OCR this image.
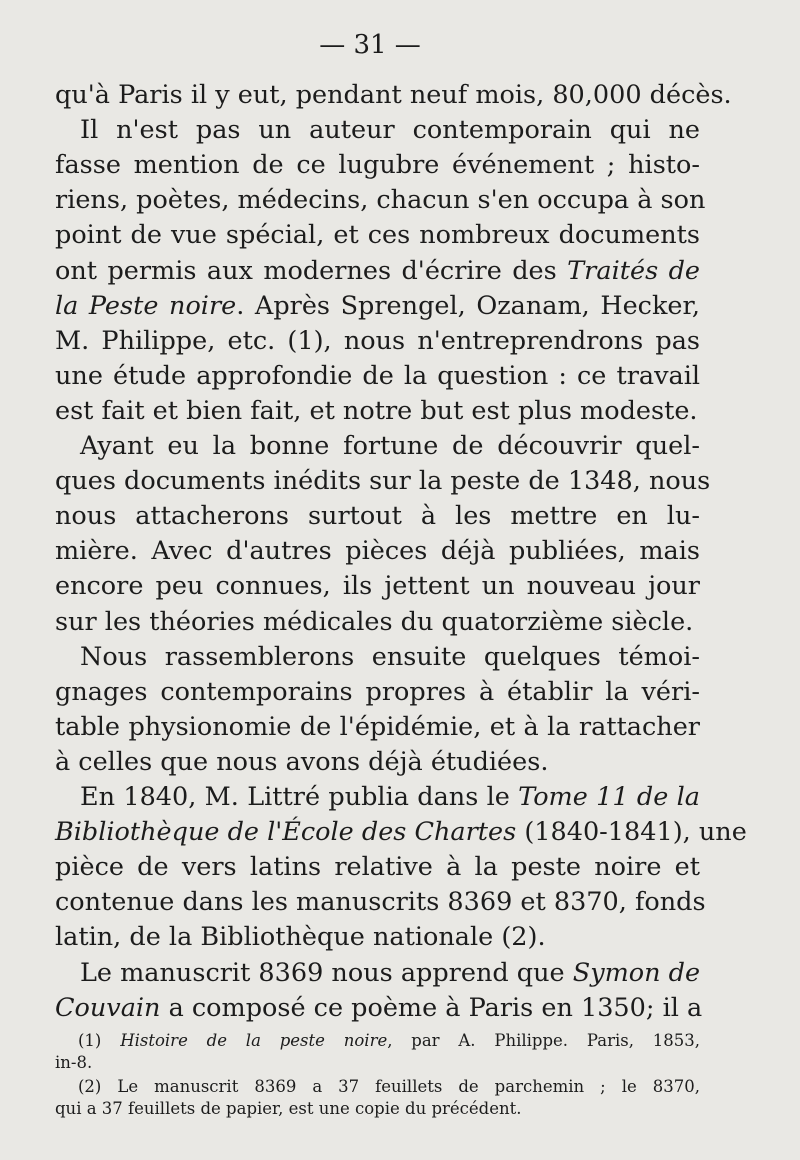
— 31 —
qu'à Paris il y eut, pendant neuf mois, 80,000 décès.
Il n'est pas un auteur contemporain qui ne
fasse mention de ce lugubre événement ; histo-
riens, poètes, médecins, chacun s'en occupa à son
point de vue spécial, et ces nombreux documents
ont permis aux modernes d'écrire des Traités de
la Peste noire. Après Sprengel, Ozanam, Hecker,
M. Philippe, etc. (1), nous n'entreprendrons pas
une étude approfondie de la question : ce travail
est fait et bien fait, et notre but est plus modeste.
Ayant eu la bonne fortune de découvrir quel-
ques documents inédits sur la peste de 1348, nous
nous attacherons surtout à les mettre en lu-
mière. Avec d'autres pièces déjà publiées, mais
encore peu connues, ils jettent un nouveau jour
sur les théories médicales du quatorzième siècle.
Nous rassemblerons ensuite quelques témoi-
gnages contemporains propres à établir la véri-
table physionomie de l'épidémie, et à la rattacher
à celles que nous avons déjà étudiées.
En 1840, M. Littré publia dans le Tome 11 de la
Bibliothèque de l'École des Chartes (1840-1841), une
pièce de vers latins relative à la peste noire et
contenue dans les manuscrits 8369 et 8370, fonds
latin, de la Bibliothèque nationale (2).
Le manuscrit 8369 nous apprend que Symon de
Couvain a composé ce poème à Paris en 1350; il a
(1) Histoire de la peste noire, par A. Philippe. Paris, 1853,
in-8.
(2) Le manuscrit 8369 a 37 feuillets de parchemin ; le 8370,
qui a 37 feuillets de papier, est une copie du précédent.
